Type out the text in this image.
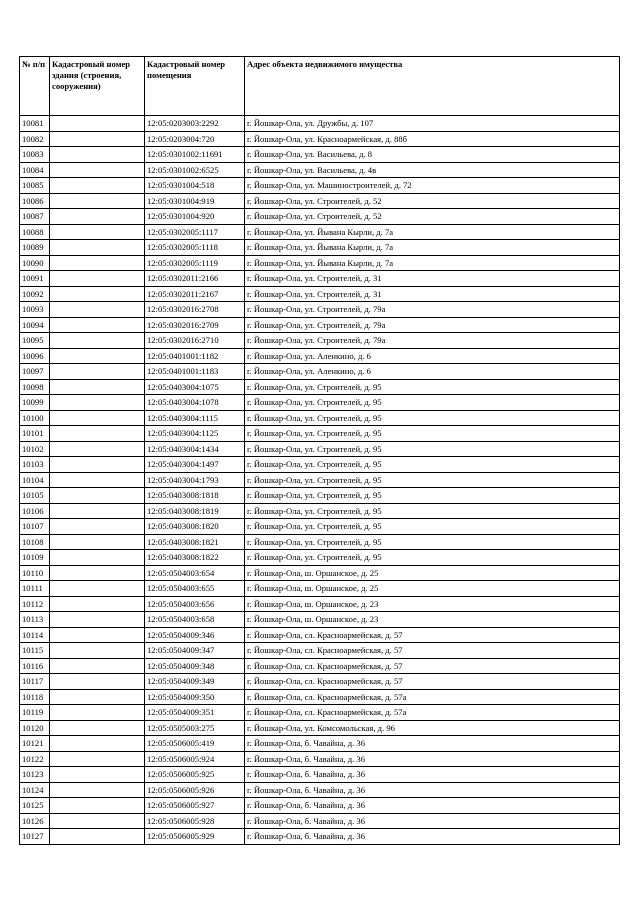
№ п/п	Кадастровый номер здания (строения, сооружения)	Кадастровый номер помещения	Адрес объекта недвижимого имущества
10081		12:05:0203003:2292	г. Йошкар-Ола, ул. Дружбы, д. 107
10082		12:05:0203004:720	г. Йошкар-Ола, ул. Красноармейская, д. 88б
10083		12:05:0301002:11691	г. Йошкар-Ола, ул. Васильева, д. 8
10084		12:05:0301002:6525	г. Йошкар-Ола, ул. Васильева, д. 4в
10085		12:05:0301004:518	г. Йошкар-Ола, ул. Машиностроителей, д. 72
10086		12:05:0301004:919	г. Йошкар-Ола, ул. Строителей, д. 52
10087		12:05:0301004:920	г. Йошкар-Ола, ул. Строителей, д. 52
10088		12:05:0302005:1117	г. Йошкар-Ола, ул. Йывана Кырли, д. 7а
10089		12:05:0302005:1118	г. Йошкар-Ола, ул. Йывана Кырли, д. 7а
10090		12:05:0302005:1119	г. Йошкар-Ола, ул. Йывана Кырли, д. 7а
10091		12:05:0302011:2166	г. Йошкар-Ола, ул. Строителей, д. 31
10092		12:05:0302011:2167	г. Йошкар-Ола, ул. Строителей, д. 31
10093		12:05:0302016:2708	г. Йошкар-Ола, ул. Строителей, д. 79а
10094		12:05:0302016:2709	г. Йошкар-Ола, ул. Строителей, д. 79а
10095		12:05:0302016:2710	г. Йошкар-Ола, ул. Строителей, д. 79а
10096		12:05:0401001:1182	г. Йошкар-Ола, ул. Аленкино, д. 6
10097		12:05:0401001:1183	г. Йошкар-Ола, ул. Аленкино, д. 6
10098		12:05:0403004:1075	г. Йошкар-Ола, ул. Строителей, д. 95
10099		12:05:0403004:1078	г. Йошкар-Ола, ул. Строителей, д. 95
10100		12:05:0403004:1115	г. Йошкар-Ола, ул. Строителей, д. 95
10101		12:05:0403004:1125	г. Йошкар-Ола, ул. Строителей, д. 95
10102		12:05:0403004:1434	г. Йошкар-Ола, ул. Строителей, д. 95
10103		12:05:0403004:1497	г. Йошкар-Ола, ул. Строителей, д. 95
10104		12:05:0403004:1793	г. Йошкар-Ола, ул. Строителей, д. 95
10105		12:05:0403008:1818	г. Йошкар-Ола, ул. Строителей, д. 95
10106		12:05:0403008:1819	г. Йошкар-Ола, ул. Строителей, д. 95
10107		12:05:0403008:1820	г. Йошкар-Ола, ул. Строителей, д. 95
10108		12:05:0403008:1821	г. Йошкар-Ола, ул. Строителей, д. 95
10109		12:05:0403008:1822	г. Йошкар-Ола, ул. Строителей, д. 95
10110		12:05:0504003:654	г. Йошкар-Ола, ш. Оршанское, д. 25
10111		12:05:0504003:655	г. Йошкар-Ола, ш. Оршанское, д. 25
10112		12:05:0504003:656	г. Йошкар-Ола, ш. Оршанское, д. 23
10113		12:05:0504003:658	г. Йошкар-Ола, ш. Оршанское, д. 23
10114		12:05:0504009:346	г. Йошкар-Ола, сл. Красноармейская, д. 57
10115		12:05:0504009:347	г. Йошкар-Ола, сл. Красноармейская, д. 57
10116		12:05:0504009:348	г. Йошкар-Ола, сл. Красноармейская, д. 57
10117		12:05:0504009:349	г. Йошкар-Ола, сл. Красноармейская, д. 57
10118		12:05:0504009:350	г. Йошкар-Ола, сл. Красноармейская, д. 57а
10119		12:05:0504009:351	г. Йошкар-Ола, сл. Красноармейская, д. 57а
10120		12:05:0505003:275	г. Йошкар-Ола, ул. Комсомольская, д. 96
10121		12:05:0506005:419	г. Йошкар-Ола, б. Чавайна, д. 36
10122		12:05:0506005:924	г. Йошкар-Ола, б. Чавайна, д. 36
10123		12:05:0506005:925	г. Йошкар-Ола, б. Чавайна, д. 36
10124		12:05:0506005:926	г. Йошкар-Ола, б. Чавайна, д. 36
10125		12:05:0506005:927	г. Йошкар-Ола, б. Чавайна, д. 36
10126		12:05:0506005:928	г. Йошкар-Ола, б. Чавайна, д. 36
10127		12:05:0506005:929	г. Йошкар-Ола, б. Чавайна, д. 36
